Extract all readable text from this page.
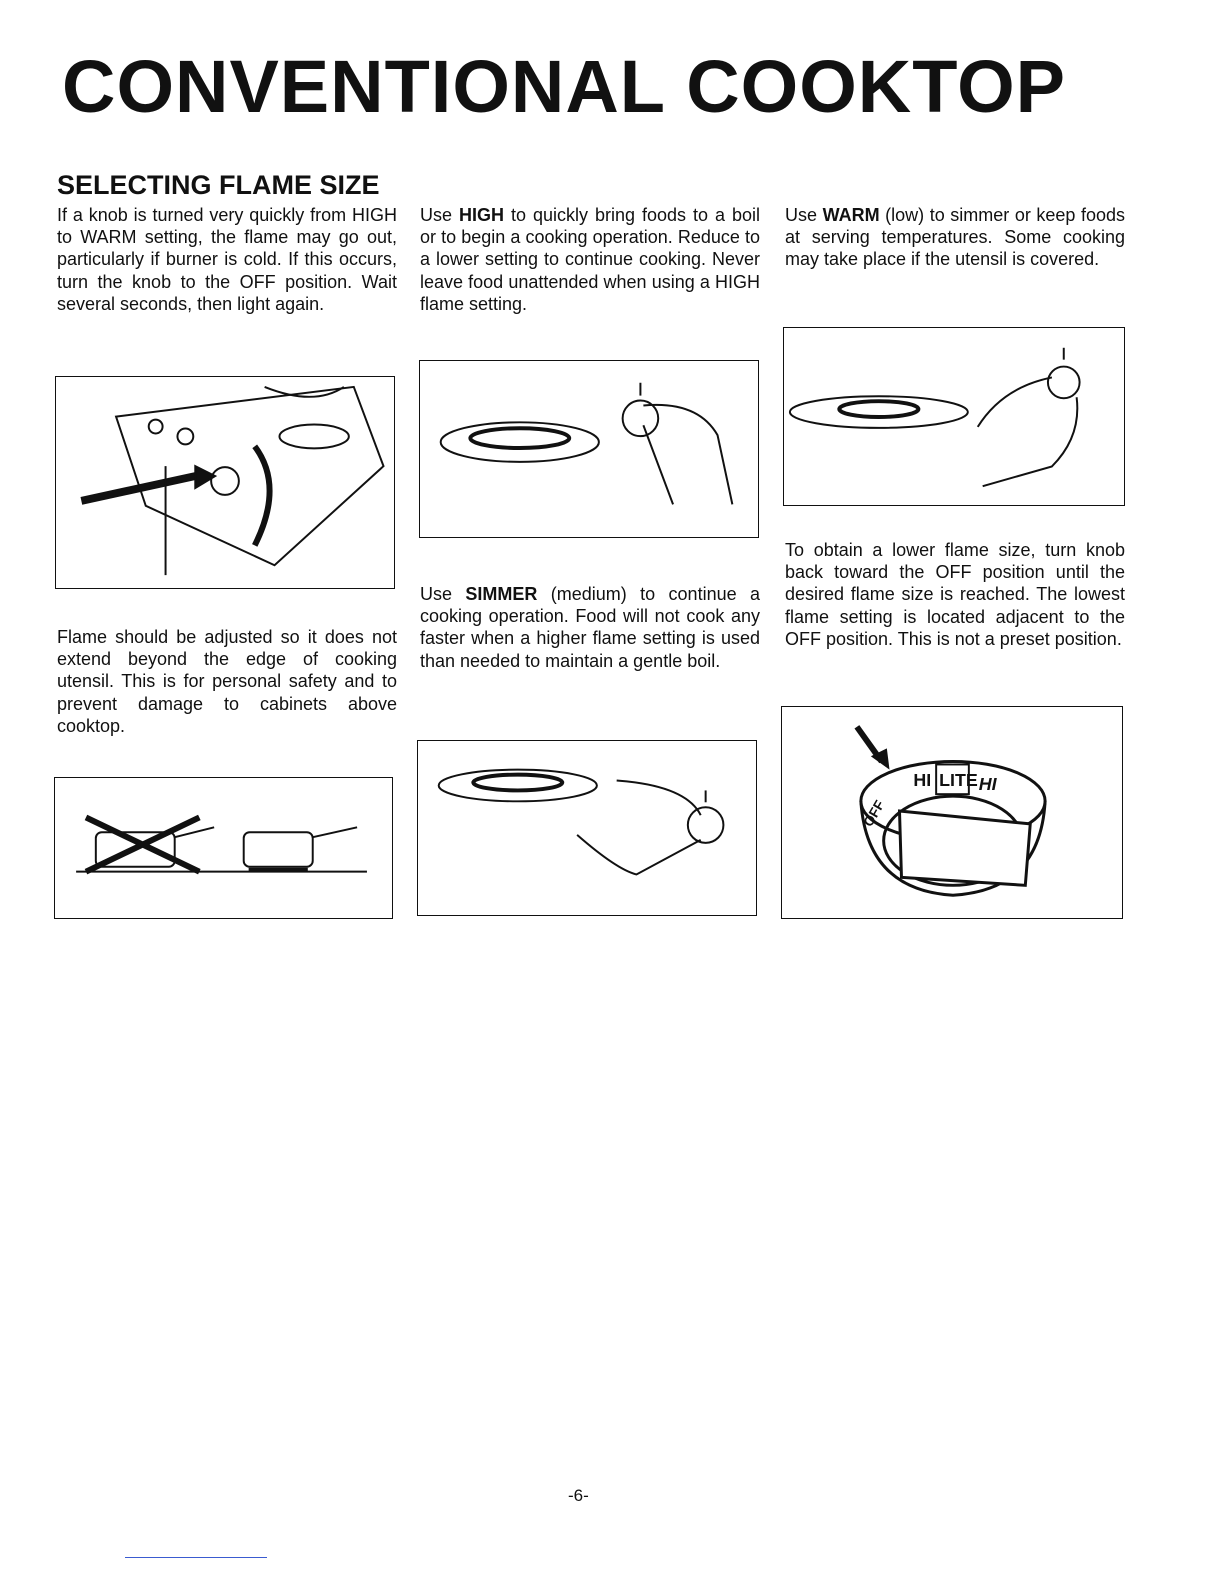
CONVENTIONAL COOKTOP
SELECTING FLAME SIZE
If a knob is turned very quickly from HIGH to WARM setting, the flame may go out, particularly if burner is cold. If this occurs, turn the knob to the OFF position. Wait several seconds, then light again.
Flame should be adjusted so it does not extend beyond the edge of cooking utensil. This is for personal safety and to prevent damage to cabinets above cooktop.
Use HIGH to quickly bring foods to a boil or to begin a cooking operation. Reduce to a lower setting to continue cooking. Never leave food unattended when using a HIGH flame setting.
Use SIMMER (medium) to continue a cooking operation. Food will not cook any faster when a higher flame setting is used than needed to maintain a gentle boil.
Use WARM (low) to simmer or keep foods at serving temperatures. Some cooking may take place if the utensil is covered.
To obtain a lower flame size, turn knob back toward the OFF position until the desired flame size is reached. The lowest flame setting is located adjacent to the OFF position. This is not a preset position.
HI LITE HI
OFF
-6-
